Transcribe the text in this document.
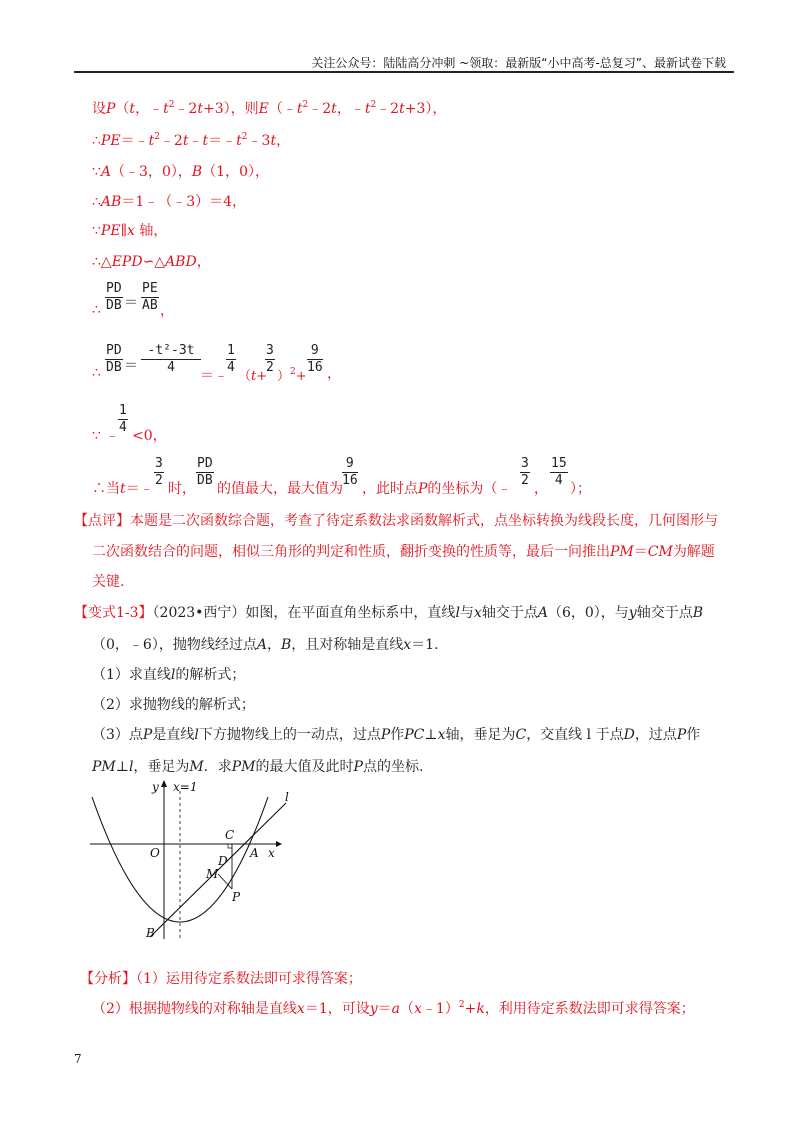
关注公众号：陆陆高分冲刺 ~领取：最新版“小中高考-总复习”、最新试卷下载
设P（t，$﹣t^2﹣2t+3$），则$E(﹣t^2﹣2t$，$﹣t^2﹣2t+3$），
$\therefore PE=﹣t^2﹣2t﹣t=﹣t^2﹣3t$，
∵A（﹣3，0），B（1，0），
∴AB＝1﹣（﹣3）＝4，
∵PE∥x 轴，
∴△EPD∽△ABD，
∴ $\frac{PD}{DB} = \frac{PE}{AB}$ ，
∴ $\frac{PD}{DB} = \frac{\text{-t²-3t}}{4}$ ＝﹣
$\frac{1}{4}$
（t+
$\frac{3}{2}$
）$^2$+
$\frac{9}{16}$ ，
∵ ﹣
$\frac{1}{4} <0$，
∴当t＝﹣ $\frac{3}{2}$ 时， $\frac{PD}{DB}$ 的值最大，最大值为 $\frac{9}{16}$ ，此时点P的坐标为（﹣ $\frac{3}{2}$ ， $\frac{15}{4}$ ）；
【点评】本题是二次函数综合题，考查了待定系数法求函数解析式，点坐标转换为线段长度，几何图形与
二次函数结合的问题，相似三角形的判定和性质，翻折变换的性质等，最后一问推出PM＝CM为解题
关键.
【变式1-3】（2023•西宁）如图，在平面直角坐标系中，直线l与x轴交于点A（6，0），与y轴交于点B
（0，﹣6），抛物线经过点A，B，且对称轴是直线x＝1.
（1）求直线l的解析式；
（2）求抛物线的解析式；
（3）点P是直线l下方抛物线上的一动点，过点P作PC⊥x轴，垂足为C，交直线 l 于点D，过点P作
PM⊥l，垂足为M．求PM的最大值及此时P点的坐标.
y x=1
l
C
O
D
A x
M
P
B
【分析】（1）运用待定系数法即可求得答案；
（2）根据抛物线的对称轴是直线x＝1，可设y＝a（x﹣1）$^2$+k，利用待定系数法即可求得答案；
7
